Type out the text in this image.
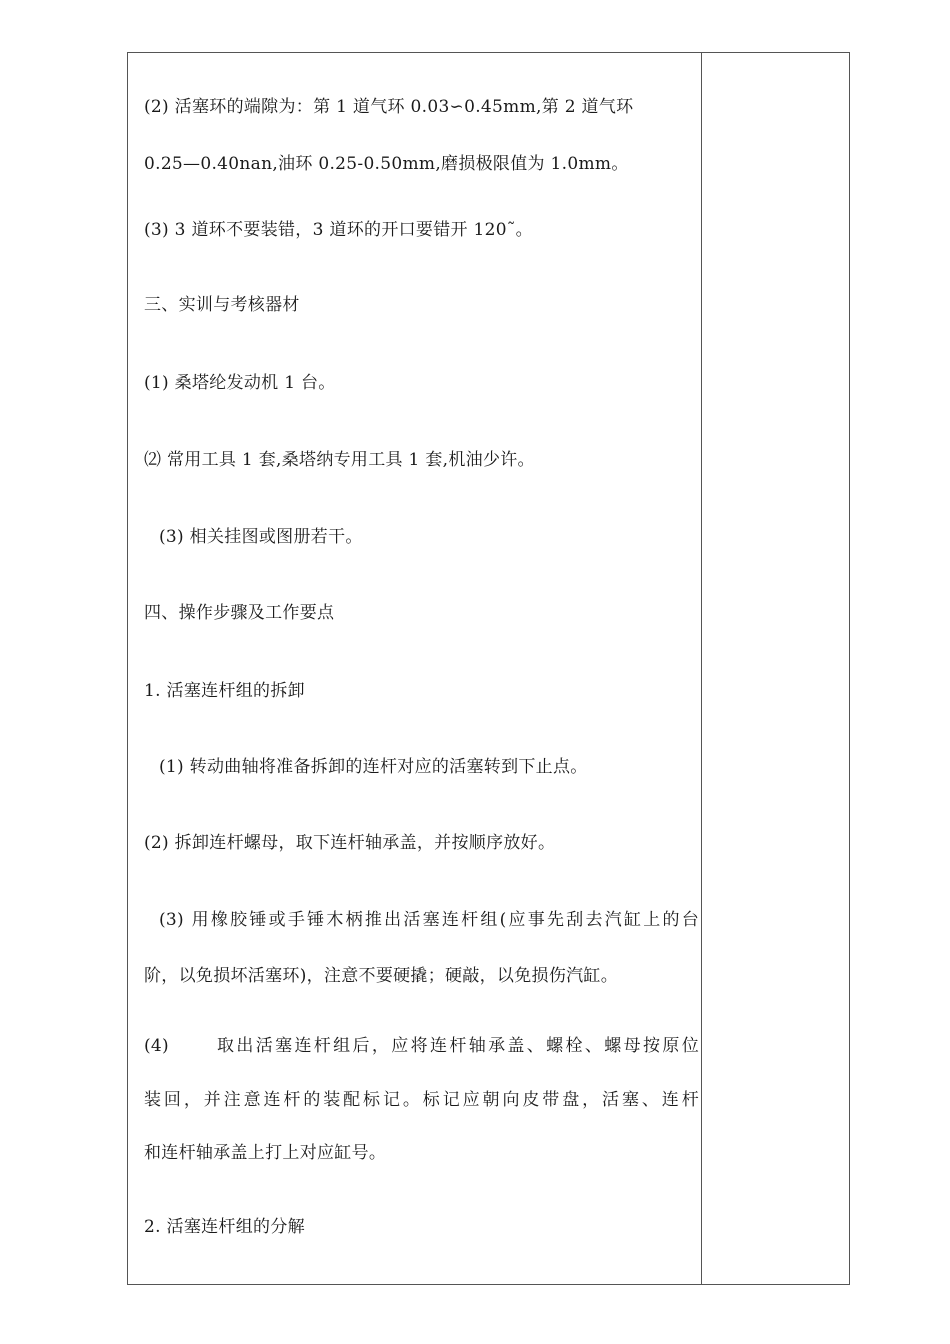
(2) 活塞环的端隙为：第 1 道气环 0.03∽0.45mm,第 2 道气环
0.25—0.40nan,油环 0.25-0.50mm,磨损极限值为 1.0mm。
(3) 3 道环不要装错，3 道环的开口要错开 120˜。
三、实训与考核器材
(1) 桑塔纶发动机 1 台。
⑵ 常用工具 1 套,桑塔纳专用工具 1 套,机油少许。
(3) 相关挂图或图册若干。
四、操作步骤及工作要点
1. 活塞连杆组的拆卸
(1) 转动曲轴将准备拆卸的连杆对应的活塞转到下止点。
(2) 拆卸连杆螺母，取下连杆轴承盖，并按顺序放好。
(3) 用橡胶锤或手锤木柄推出活塞连杆组(应事先刮去汽缸上的台
阶，以免损坏活塞环)，注意不要硬撬；硬敲，以免损伤汽缸。
(4)	取出活塞连杆组后，应将连杆轴承盖、螺栓、螺母按原位
装回，并注意连杆的装配标记。标记应朝向皮带盘，活塞、连杆
和连杆轴承盖上打上对应缸号。
2. 活塞连杆组的分解
